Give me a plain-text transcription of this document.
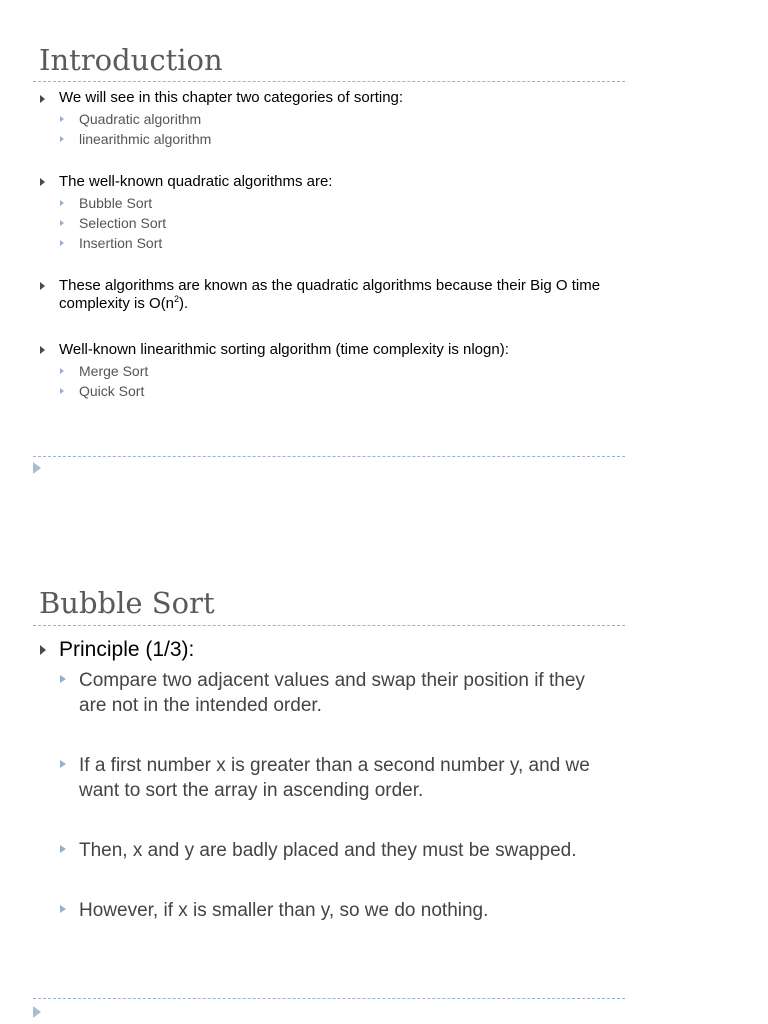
Introduction
We will see in this chapter two categories of sorting:
Quadratic algorithm
linearithmic algorithm
The well-known quadratic algorithms are:
Bubble Sort
Selection Sort
Insertion Sort
These algorithms are known as the quadratic algorithms because their Big O time complexity is $O(n^2)$.
Well-known linearithmic sorting algorithm (time complexity is nlogn):
Merge Sort
Quick Sort
Bubble Sort
Principle (1/3):
Compare two adjacent values and swap their position if they are not in the intended order.
If a first number x is greater than a second number y, and we want to sort the array in ascending order.
Then, x and y are badly placed and they must be swapped.
However, if x is smaller than y, so we do nothing.
